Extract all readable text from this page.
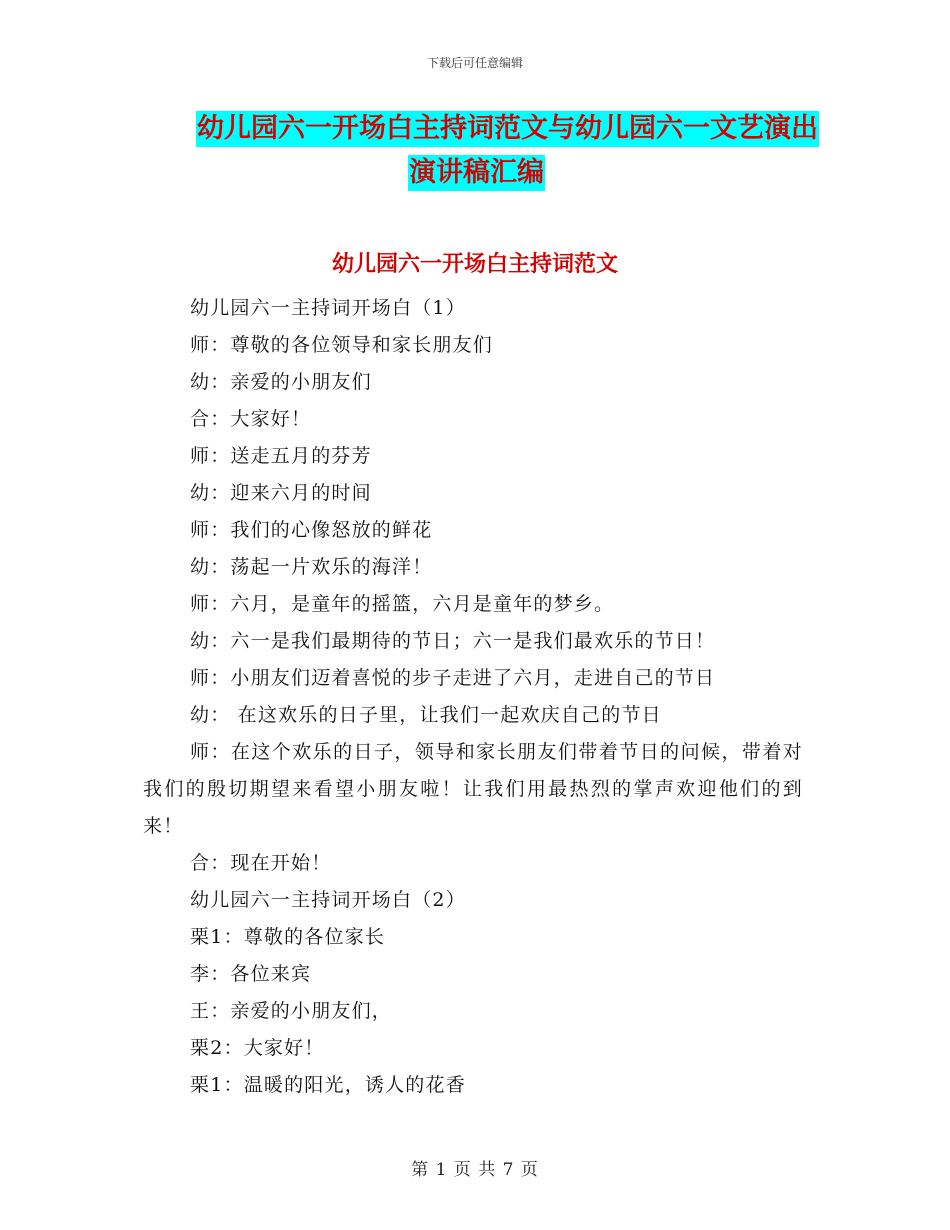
下载后可任意编辑
幼儿园六一开场白主持词范文与幼儿园六一文艺演出
演讲稿汇编
幼儿园六一开场白主持词范文

幼儿园六一主持词开场白（1）

师：尊敬的各位领导和家长朋友们

幼：亲爱的小朋友们

合：大家好！

师：送走五月的芬芳

幼：迎来六月的时间

师：我们的心像怒放的鲜花

幼：荡起一片欢乐的海洋！

师：六月，是童年的摇篮，六月是童年的梦乡。

幼：六一是我们最期待的节日；六一是我们最欢乐的节日！

师：小朋友们迈着喜悦的步子走进了六月，走进自己的节日

幼： 在这欢乐的日子里，让我们一起欢庆自己的节日

师：在这个欢乐的日子，领导和家长朋友们带着节日的问候，带着对我们的殷切期望来看望小朋友啦！让我们用最热烈的掌声欢迎他们的到来！

合：现在开始！

幼儿园六一主持词开场白（2）

栗1：尊敬的各位家长

李：各位来宾

王：亲爱的小朋友们，

栗2：大家好！

栗1：温暖的阳光，诱人的花香

第 1 页 共 7 页
